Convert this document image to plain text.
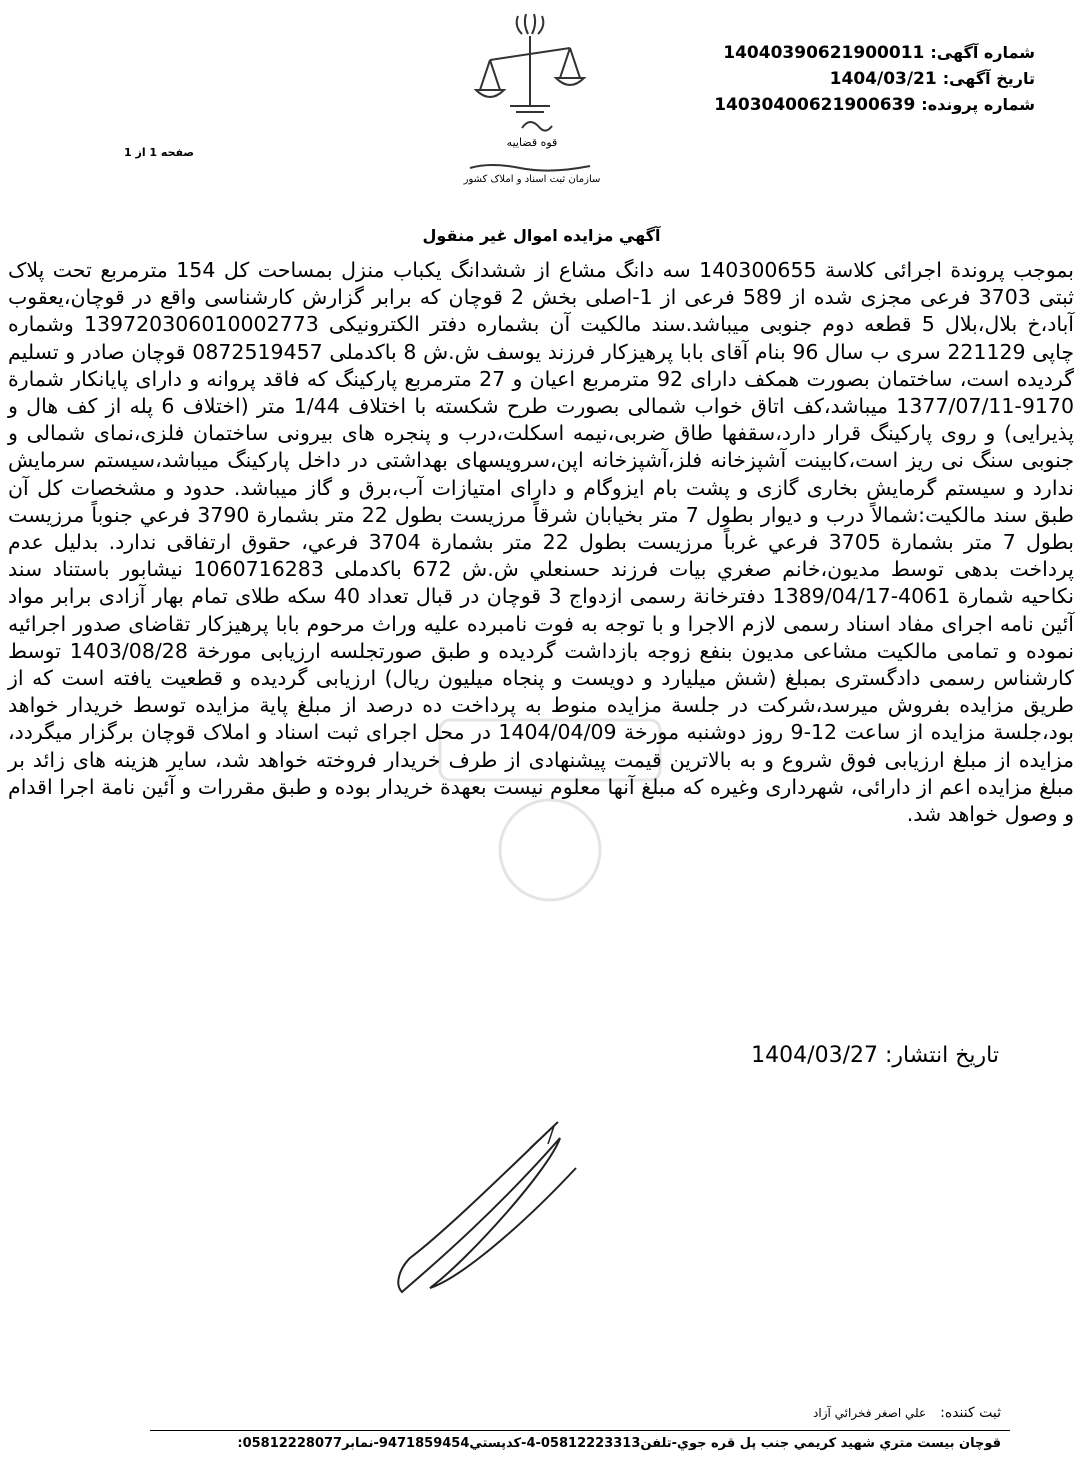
شماره آگهی:
14040390621900011
تاریخ آگهی:
1404/03/21
شماره پرونده:
14030400621900639
قوه قضاییه
سازمان ثبت اسناد و املاک کشور
صفحه 1 از 1
آگهي مزايده اموال غير منقول
بموجب پروندة اجرائی کلاسة 140300655 سه دانگ مشاع از ششدانگ یکباب منزل بمساحت کل 154 مترمربع تحت پلاک ثبتی 3703 فرعی مجزی شده از 589 فرعی از 1-اصلی بخش 2 قوچان که برابر گزارش کارشناسی واقع در قوچان،یعقوب آباد،خ بلال،بلال 5 قطعه دوم جنوبی میباشد.سند مالکیت آن بشماره دفتر الکترونیکی 139720306010002773 وشماره چاپی 221129 سری ب سال 96 بنام آقای بابا پرهیزکار فرزند یوسف ش.ش 8 باکدملی 0872519457 قوچان صادر و تسلیم گردیده است، ساختمان بصورت همکف دارای 92 مترمربع اعیان و 27 مترمربع پارکینگ که فاقد پروانه و دارای پایانکار شمارة 9170-1377/07/11 میباشد،کف اتاق خواب شمالی بصورت طرح شکسته با اختلاف 1/44 متر (اختلاف 6 پله از کف هال و پذیرایی) و روی پارکینگ قرار دارد،سقفها طاق ضربی،نیمه اسکلت،درب و پنجره های بیرونی ساختمان فلزی،نمای شمالی و جنوبی سنگ نی ریز است،کابینت آشپزخانه فلز،آشپزخانه اپن،سرویسهای بهداشتی در داخل پارکینگ میباشد،سیستم سرمایش ندارد و سیستم گرمایش بخاری گازی و پشت بام ایزوگام و دارای امتیازات آب،برق و گاز میباشد. حدود و مشخصات کل آن طبق سند مالکیت:شمالاً درب و ديوار بطول 7 متر بخیابان شرقاً مرزيست بطول 22 متر بشمارة 3790 فرعي جنوباً مرزيست بطول 7 متر بشمارة 3705 فرعي غرباً مرزيست بطول 22 متر بشمارة 3704 فرعي، حقوق ارتفاقی ندارد. بدلیل عدم پرداخت بدهی توسط مدیون،خانم صغري بيات فرزند حسنعلي ش.ش 672 باکدملی 1060716283 نیشابور باستناد سند نکاحیه شمارة 4061-1389/04/17 دفترخانة رسمی ازدواج 3 قوچان در قبال تعداد 40 سکه طلای تمام بهار آزادی برابر مواد آئین نامه اجرای مفاد اسناد رسمی لازم الاجرا و با توجه به فوت نامبرده علیه وراث مرحوم بابا پرهیزکار تقاضای صدور اجرائیه نموده و تمامی مالکیت مشاعی مدیون بنفع زوجه بازداشت گردیده و طبق صورتجلسه ارزیابی مورخة 1403/08/28 توسط کارشناس رسمی دادگستری بمبلغ (شش میلیارد و دویست و پنجاه میلیون ریال) ارزیابی گردیده و قطعیت یافته است که از طریق مزایده بفروش میرسد،شرکت در جلسة مزایده منوط به پرداخت ده درصد از مبلغ پایة مزایده توسط خریدار خواهد بود،جلسة مزایده از ساعت 12-9 روز دوشنبه مورخة 1404/04/09 در محل اجرای ثبت اسناد و املاک قوچان برگزار میگردد، مزایده از مبلغ ارزیابی فوق شروع و به بالاترین قیمت پیشنهادی از طرف خریدار فروخته خواهد شد، سایر هزینه های زائد بر مبلغ مزایده اعم از دارائی، شهرداری وغیره که مبلغ آنها معلوم نیست بعهدة خریدار بوده و طبق مقررات و آئین نامة اجرا اقدام و وصول خواهد شد.
تاریخ انتشار: 1404/03/27
ثبت كننده:
علي اصغر فخرائي آزاد
قوچان بیست متري شهيد كريمي جنب پل قره جوي-تلفن05812223313-4-كدپستي9471859454-نمابر05812228077:
